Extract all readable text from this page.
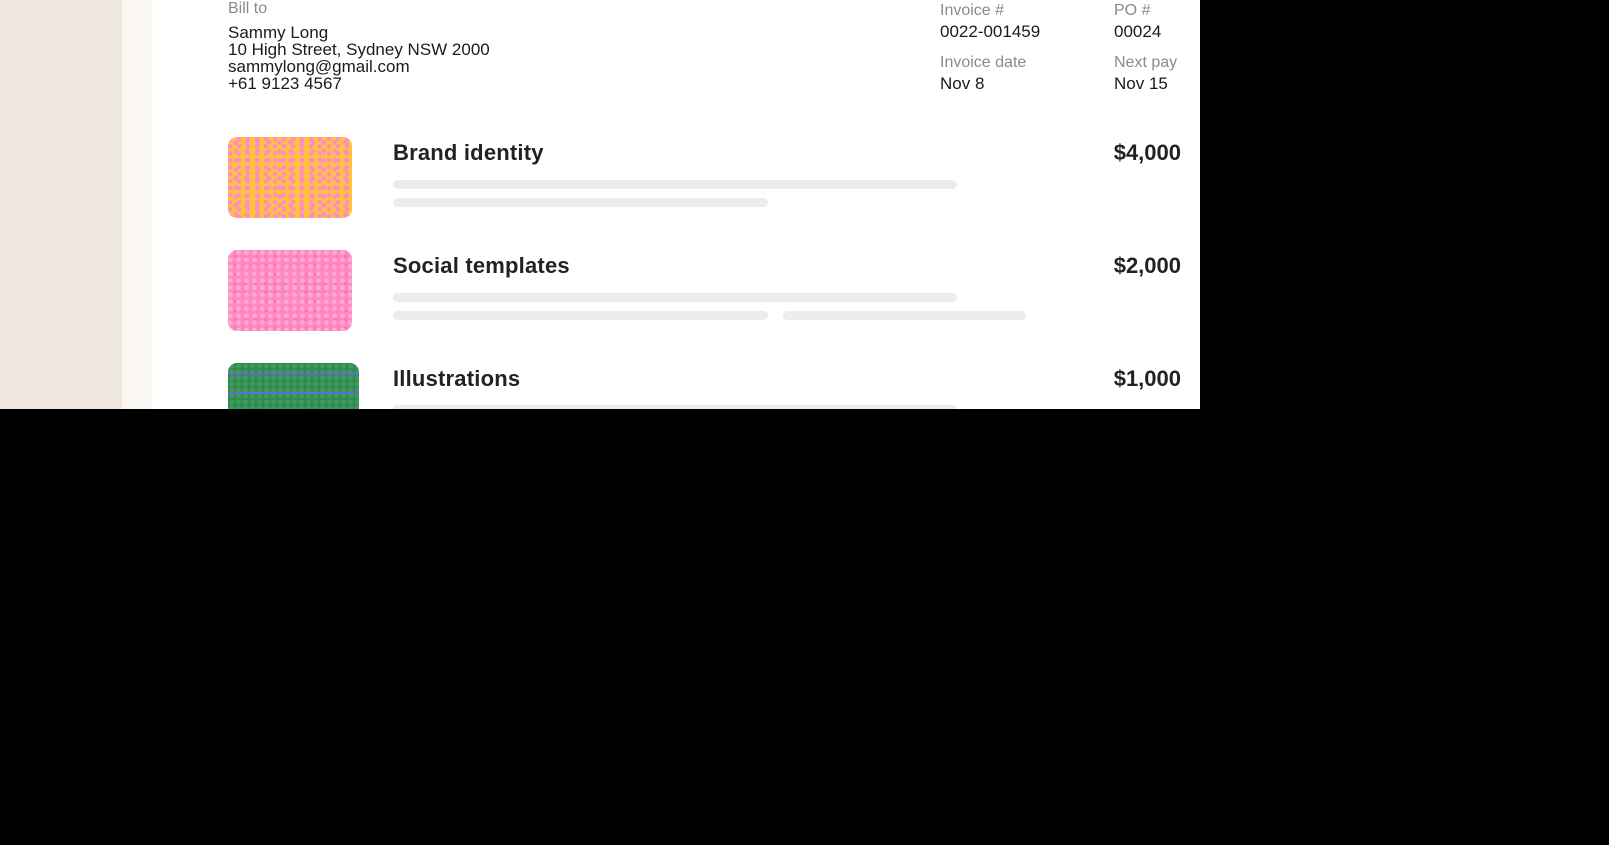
Bill to
Sammy Long
10 High Street, Sydney NSW 2000
sammylong@gmail.com
+61 9123 4567
Invoice #
0022-001459
PO #
00024
Invoice date
Nov 8
Next pay
Nov 15
Brand identity	$4,000
Social templates	$2,000
Illustrations	$1,000
